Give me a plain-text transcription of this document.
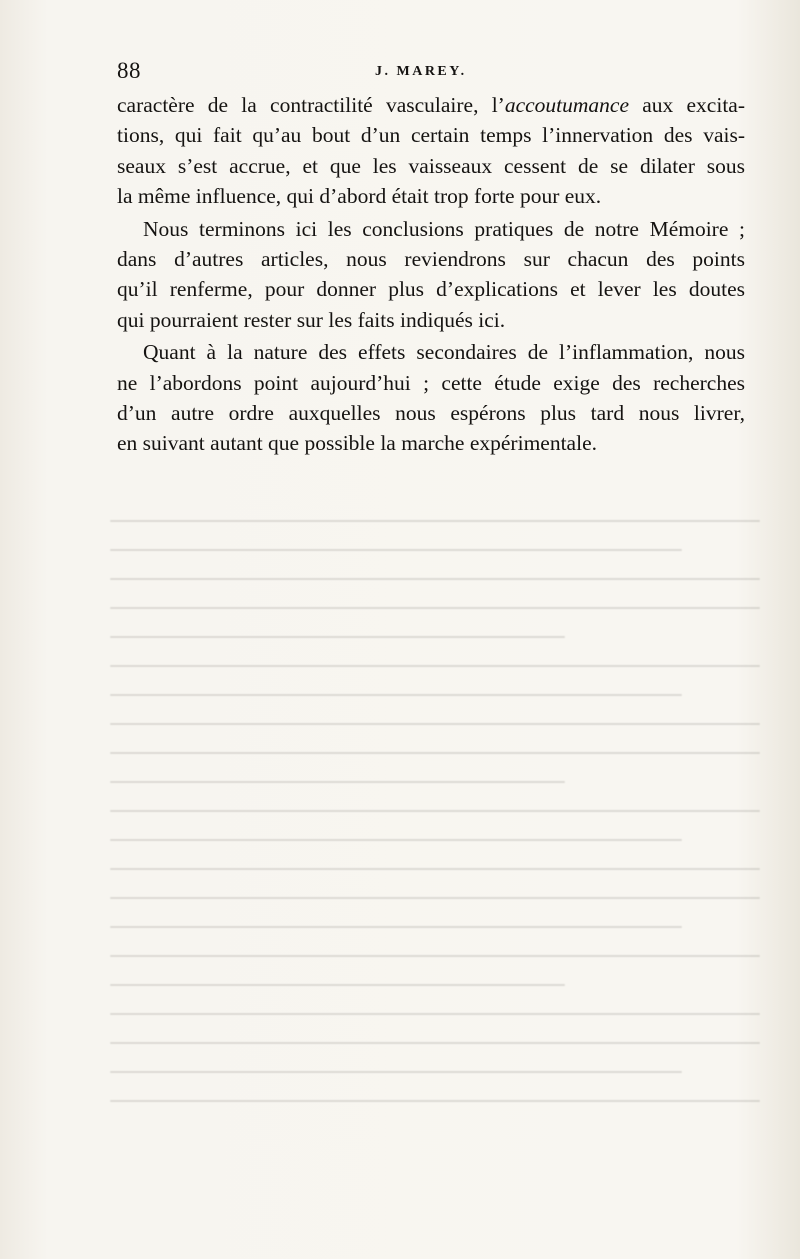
88	J. MAREY.
caractère de la contractilité vasculaire, l’accoutumance aux excita-
tions, qui fait qu’au bout d’un certain temps l’innervation des vais-
seaux s’est accrue, et que les vaisseaux cessent de se dilater sous
la même influence, qui d’abord était trop forte pour eux.
Nous terminons ici les conclusions pratiques de notre Mémoire ;
dans d’autres articles, nous reviendrons sur chacun des points
qu’il renferme, pour donner plus d’explications et lever les doutes
qui pourraient rester sur les faits indiqués ici.
Quant à la nature des effets secondaires de l’inflammation, nous
ne l’abordons point aujourd’hui ; cette étude exige des recherches
d’un autre ordre auxquelles nous espérons plus tard nous livrer,
en suivant autant que possible la marche expérimentale.
